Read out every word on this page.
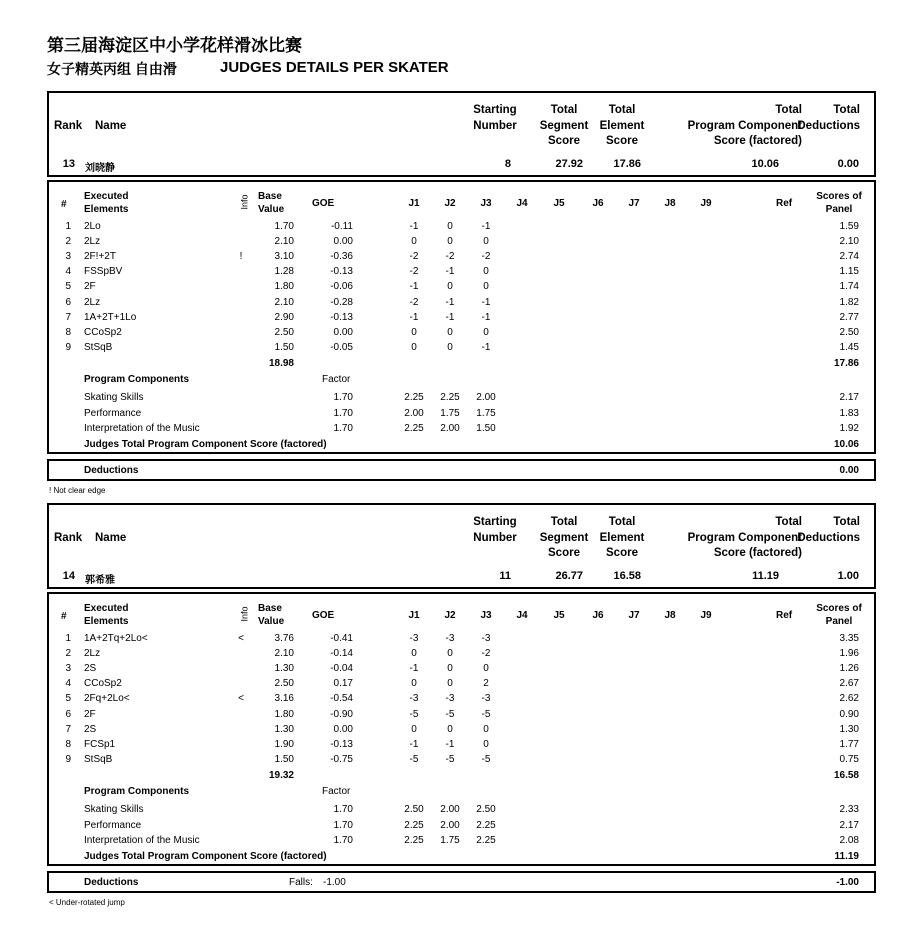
第三届海淀区中小学花样滑冰比赛
女子精英丙组 自由滑	JUDGES DETAILS PER SKATER
Rank Name
Starting
Number
Total
Segment
Score
Total
Element
Score
Total
Program Component
Score (factored)
Total
Deductions
13 刘晓静	8	27.92	17.86	10.06	0.00
#
Executed
Elements	Info Base
Value	GOE	J1	J2	J3	J4	J5	J6	J7	J8	J9	Ref
Scores of
Panel
1 2Lo	1.70	-0.11	-1	0	-1	1.59
2 2Lz	2.10	0.00	0	0	0	2.10
3 2F!+2T	!	3.10	-0.36	-2	-2	-2	2.74
4 FSSpBV	1.28	-0.13	-2	-1	0	1.15
5 2F	1.80	-0.06	-1	0	0	1.74
6 2Lz	2.10	-0.28	-2	-1	-1	1.82
7 1A+2T+1Lo	2.90	-0.13	-1	-1	-1	2.77
8 CCoSp2	2.50	0.00	0	0	0	2.50
9 StSqB	1.50	-0.05	0	0	-1	1.45
18.98	17.86
Program Components	Factor
Skating Skills	1.70	2.25	2.25	2.00	2.17
Performance	1.70	2.00	1.75	1.75	1.83
Interpretation of the Music	1.70	2.25	2.00	1.50	1.92
Judges Total Program Component Score (factored)	10.06
Deductions	0.00
! Not clear edge
Rank Name
Starting
Number
Total
Segment
Score
Total
Element
Score
Total
Program Component
Score (factored)
Total
Deductions
14 郭希雅	11	26.77	16.58	11.19	1.00
#
Executed
Elements	Info Base
Value	GOE	J1	J2	J3	J4	J5	J6	J7	J8	J9	Ref
Scores of
Panel
1 1A+2Tq+2Lo<	<	3.76	-0.41	-3	-3	-3	3.35
2 2Lz	2.10	-0.14	0	0	-2	1.96
3 2S	1.30	-0.04	-1	0	0	1.26
4 CCoSp2	2.50	0.17	0	0	2	2.67
5 2Fq+2Lo<	<	3.16	-0.54	-3	-3	-3	2.62
6 2F	1.80	-0.90	-5	-5	-5	0.90
7 2S	1.30	0.00	0	0	0	1.30
8 FCSp1	1.90	-0.13	-1	-1	0	1.77
9 StSqB	1.50	-0.75	-5	-5	-5	0.75
19.32	16.58
Program Components	Factor
Skating Skills	1.70	2.50	2.00	2.50	2.33
Performance	1.70	2.25	2.00	2.25	2.17
Interpretation of the Music	1.70	2.25	1.75	2.25	2.08
Judges Total Program Component Score (factored)	11.19
Deductions	Falls: -1.00	-1.00
< Under-rotated jump
